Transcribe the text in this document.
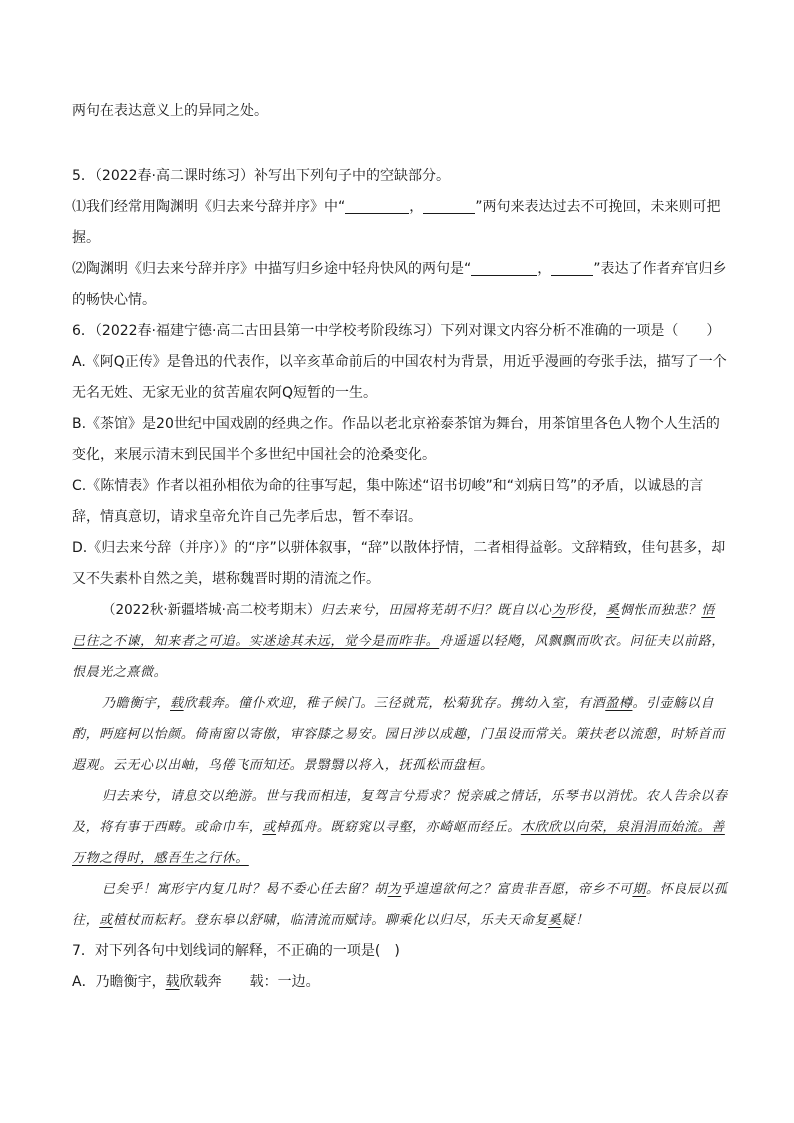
两句在表达意义上的异同之处。
5．（2022春·高二课时练习）补写出下列句子中的空缺部分。
⑴我们经常用陶渊明《归去来兮辞并序》中“	，	”两句来表达过去不可挽回，未来则可把
握。
⑵陶渊明《归去来兮辞并序》中描写归乡途中轻舟快风的两句是“	，	”表达了作者弃官归乡
的畅快心情。
6．（2022春·福建宁德·高二古田县第一中学校考阶段练习）下列对课文内容分析不准确的一项是（　　）
A.《阿Q正传》是鲁迅的代表作，以辛亥革命前后的中国农村为背景，用近乎漫画的夸张手法，描写了一个无名无姓、无家无业的贫苦雇农阿Q短暂的一生。
B.《茶馆》是20世纪中国戏剧的经典之作。作品以老北京裕泰茶馆为舞台，用茶馆里各色人物个人生活的变化，来展示清末到民国半个多世纪中国社会的沧桑变化。
C.《陈情表》作者以祖孙相依为命的往事写起，集中陈述“诏书切峻”和“刘病日笃”的矛盾，以诚恳的言辞，情真意切，请求皇帝允许自己先孝后忠，暂不奉诏。
D.《归去来兮辞（并序）》的“序”以骈体叙事，“辞”以散体抒情，二者相得益彰。文辞精致，佳句甚多，却又不失素朴自然之美，堪称魏晋时期的清流之作。

（2022秋·新疆塔城·高二校考期末）归去来兮，田园将芜胡不归？既自以心为形役，奚惆怅而独悲？悟已往之不谏，知来者之可追。实迷途其未远，觉今是而昨非。舟遥遥以轻飏，风飘飘而吹衣。问征夫以前路，恨晨光之熹微。

乃瞻衡宇，载欣载奔。僮仆欢迎，稚子候门。三径就荒，松菊犹存。携幼入室，有酒盈樽。引壶觞以自酌，眄庭柯以怡颜。倚南窗以寄傲，审容膝之易安。园日涉以成趣，门虽设而常关。策扶老以流憩，时矫首而遐观。云无心以出岫，鸟倦飞而知还。景翳翳以将入，抚孤松而盘桓。

归去来兮，请息交以绝游。世与我而相违，复驾言兮焉求？悦亲戚之情话，乐琴书以消忧。农人告余以春及，将有事于西畴。或命巾车，或棹孤舟。既窈窕以寻壑，亦崎岖而经丘。木欣欣以向荣，泉涓涓而始流。善万物之得时，感吾生之行休。

已矣乎！寓形宇内复几时？曷不委心任去留？胡为乎遑遑欲何之？富贵非吾愿，帝乡不可期。怀良辰以孤往，或植杖而耘耔。登东皋以舒啸，临清流而赋诗。聊乘化以归尽，乐夫天命复奚疑！

7．对下列各句中划线词的解释，不正确的一项是(　)
A．乃瞻衡宇，载欣载奔 载：一边。
